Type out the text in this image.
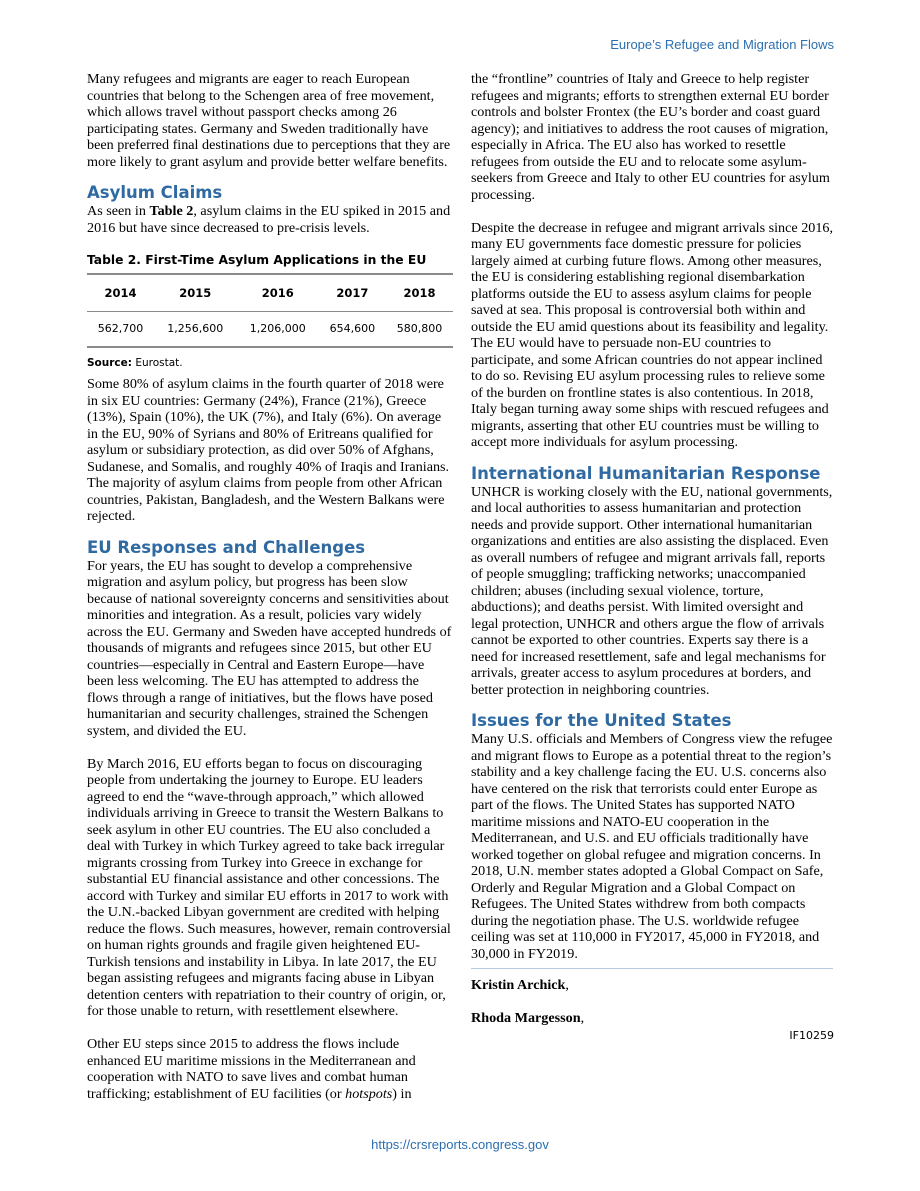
Europe’s Refugee and Migration Flows

Many refugees and migrants are eager to reach European countries that belong to the Schengen area of free movement, which allows travel without passport checks among 26 participating states. Germany and Sweden traditionally have been preferred final destinations due to perceptions that they are more likely to grant asylum and provide better welfare benefits.

Asylum Claims

As seen in Table 2, asylum claims in the EU spiked in 2015 and 2016 but have since decreased to pre-crisis levels.

Table 2. First-Time Asylum Applications in the EU
2014	2015	2016	2017	2018
562,700	1,256,600	1,206,000	654,600	580,800
Source: Eurostat.

Some 80% of asylum claims in the fourth quarter of 2018 were in six EU countries: Germany (24%), France (21%), Greece (13%), Spain (10%), the UK (7%), and Italy (6%). On average in the EU, 90% of Syrians and 80% of Eritreans qualified for asylum or subsidiary protection, as did over 50% of Afghans, Sudanese, and Somalis, and roughly 40% of Iraqis and Iranians. The majority of asylum claims from people from other African countries, Pakistan, Bangladesh, and the Western Balkans were rejected.

EU Responses and Challenges

For years, the EU has sought to develop a comprehensive migration and asylum policy, but progress has been slow because of national sovereignty concerns and sensitivities about minorities and integration. As a result, policies vary widely across the EU. Germany and Sweden have accepted hundreds of thousands of migrants and refugees since 2015, but other EU countries—especially in Central and Eastern Europe—have been less welcoming. The EU has attempted to address the flows through a range of initiatives, but the flows have posed humanitarian and security challenges, strained the Schengen system, and divided the EU.

By March 2016, EU efforts began to focus on discouraging people from undertaking the journey to Europe. EU leaders agreed to end the “wave-through approach,” which allowed individuals arriving in Greece to transit the Western Balkans to seek asylum in other EU countries. The EU also concluded a deal with Turkey in which Turkey agreed to take back irregular migrants crossing from Turkey into Greece in exchange for substantial EU financial assistance and other concessions. The accord with Turkey and similar EU efforts in 2017 to work with the U.N.-backed Libyan government are credited with helping reduce the flows. Such measures, however, remain controversial on human rights grounds and fragile given heightened EU-Turkish tensions and instability in Libya. In late 2017, the EU began assisting refugees and migrants facing abuse in Libyan detention centers with repatriation to their country of origin, or, for those unable to return, with resettlement elsewhere.

Other EU steps since 2015 to address the flows include enhanced EU maritime missions in the Mediterranean and cooperation with NATO to save lives and combat human trafficking; establishment of EU facilities (or hotspots) in

the “frontline” countries of Italy and Greece to help register refugees and migrants; efforts to strengthen external EU border controls and bolster Frontex (the EU’s border and coast guard agency); and initiatives to address the root causes of migration, especially in Africa. The EU also has worked to resettle refugees from outside the EU and to relocate some asylum-seekers from Greece and Italy to other EU countries for asylum processing.

Despite the decrease in refugee and migrant arrivals since 2016, many EU governments face domestic pressure for policies largely aimed at curbing future flows. Among other measures, the EU is considering establishing regional disembarkation platforms outside the EU to assess asylum claims for people saved at sea. This proposal is controversial both within and outside the EU amid questions about its feasibility and legality. The EU would have to persuade non-EU countries to participate, and some African countries do not appear inclined to do so. Revising EU asylum processing rules to relieve some of the burden on frontline states is also contentious. In 2018, Italy began turning away some ships with rescued refugees and migrants, asserting that other EU countries must be willing to accept more individuals for asylum processing.

International Humanitarian Response

UNHCR is working closely with the EU, national governments, and local authorities to assess humanitarian and protection needs and provide support. Other international humanitarian organizations and entities are also assisting the displaced. Even as overall numbers of refugee and migrant arrivals fall, reports of people smuggling; trafficking networks; unaccompanied children; abuses (including sexual violence, torture, abductions); and deaths persist. With limited oversight and legal protection, UNHCR and others argue the flow of arrivals cannot be exported to other countries. Experts say there is a need for increased resettlement, safe and legal mechanisms for arrivals, greater access to asylum procedures at borders, and better protection in neighboring countries.

Issues for the United States

Many U.S. officials and Members of Congress view the refugee and migrant flows to Europe as a potential threat to the region’s stability and a key challenge facing the EU. U.S. concerns also have centered on the risk that terrorists could enter Europe as part of the flows. The United States has supported NATO maritime missions and NATO-EU cooperation in the Mediterranean, and U.S. and EU officials traditionally have worked together on global refugee and migration concerns. In 2018, U.N. member states adopted a Global Compact on Safe, Orderly and Regular Migration and a Global Compact on Refugees. The United States withdrew from both compacts during the negotiation phase. The U.S. worldwide refugee ceiling was set at 110,000 in FY2017, 45,000 in FY2018, and 30,000 in FY2019.

Kristin Archick,

Rhoda Margesson,

IF10259
https://crsreports.congress.gov
